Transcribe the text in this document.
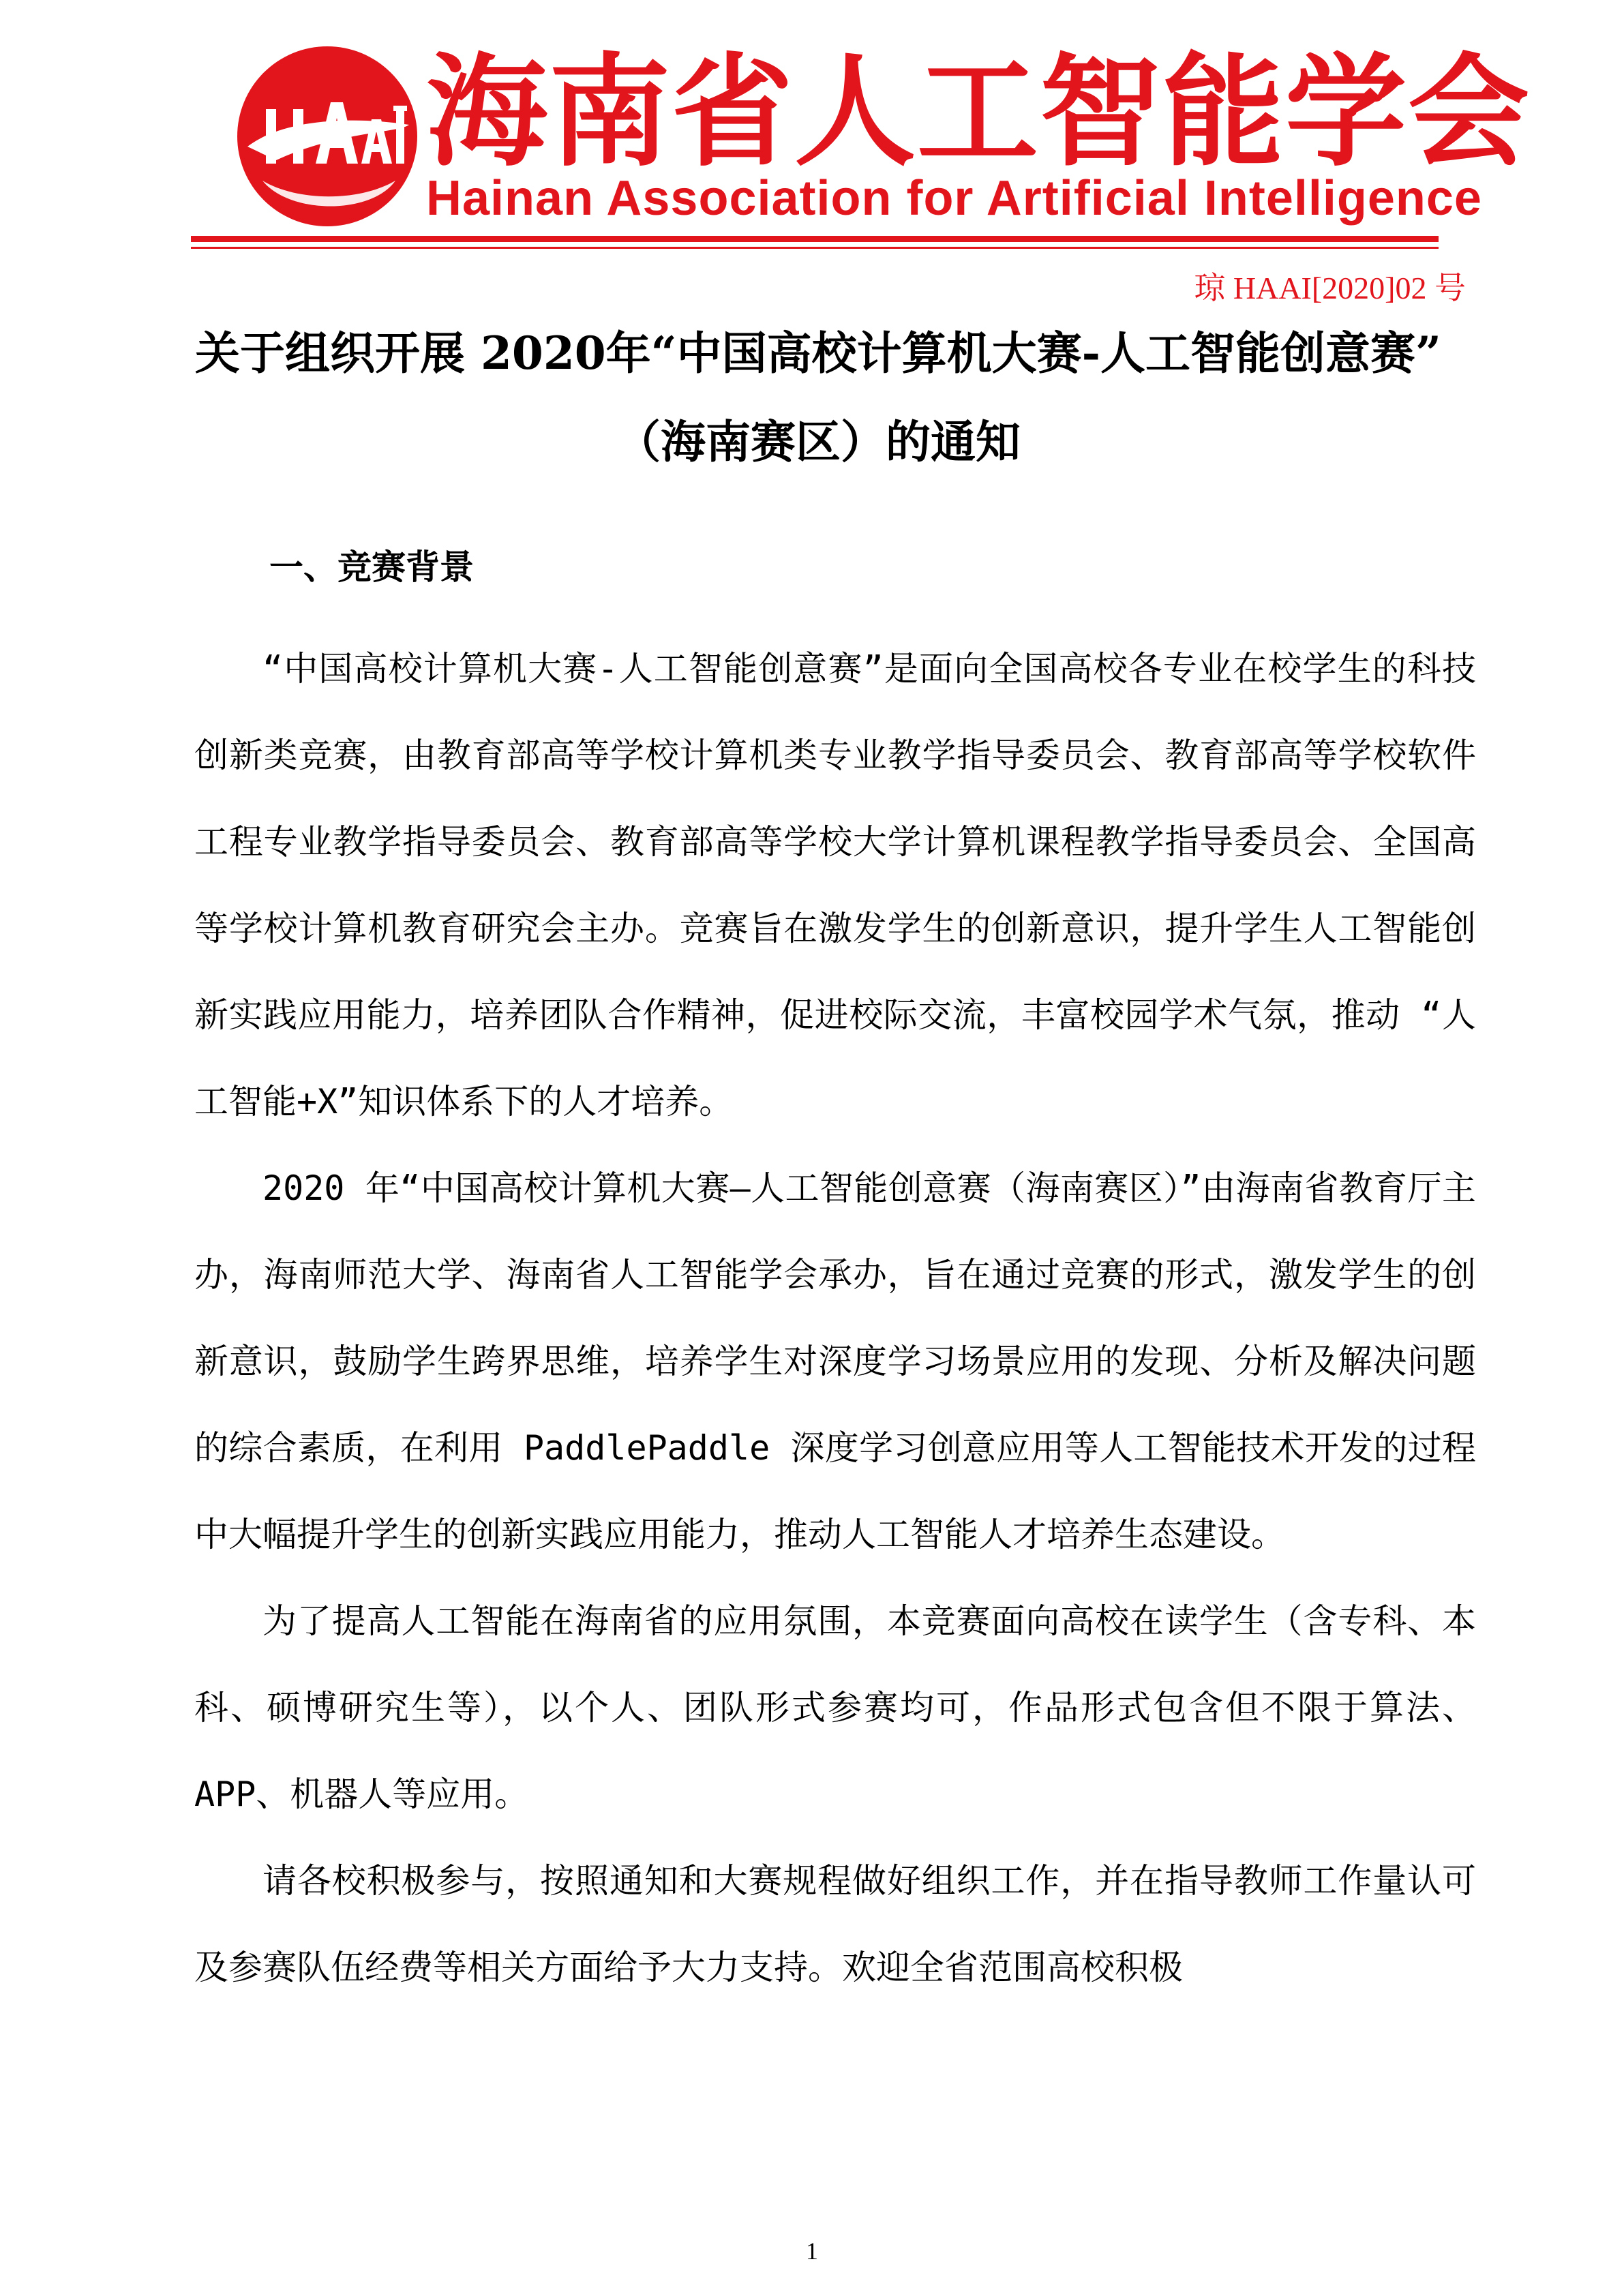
海南省人工智能学会
Hainan Association for Artificial Intelligence
琼 HAAI[2020]02 号
关于组织开展 2020年“中国高校计算机大赛-人工智能创意赛”
（海南赛区）的通知
一、竞赛背景

“中国高校计算机大赛-人工智能创意赛”是面向全国高校各专业在校学生的科技创新类竞赛，由教育部高等学校计算机类专业教学指导委员会、教育部高等学校软件工程专业教学指导委员会、教育部高等学校大学计算机课程教学指导委员会、全国高等学校计算机教育研究会主办。竞赛旨在激发学生的创新意识，提升学生人工智能创新实践应用能力，培养团队合作精神，促进校际交流，丰富校园学术气氛，推动 “人工智能+X”知识体系下的人才培养。

2020 年“中国高校计算机大赛—人工智能创意赛（海南赛区）”由海南省教育厅主办，海南师范大学、海南省人工智能学会承办，旨在通过竞赛的形式，激发学生的创新意识，鼓励学生跨界思维，培养学生对深度学习场景应用的发现、分析及解决问题的综合素质，在利用 PaddlePaddle 深度学习创意应用等人工智能技术开发的过程中大幅提升学生的创新实践应用能力，推动人工智能人才培养生态建设。

为了提高人工智能在海南省的应用氛围，本竞赛面向高校在读学生（含专科、本科、硕博研究生等），以个人、团队形式参赛均可，作品形式包含但不限于算法、APP、机器人等应用。

请各校积极参与，按照通知和大赛规程做好组织工作，并在指导教师工作量认可及参赛队伍经费等相关方面给予大力支持。欢迎全省范围高校积极

1
